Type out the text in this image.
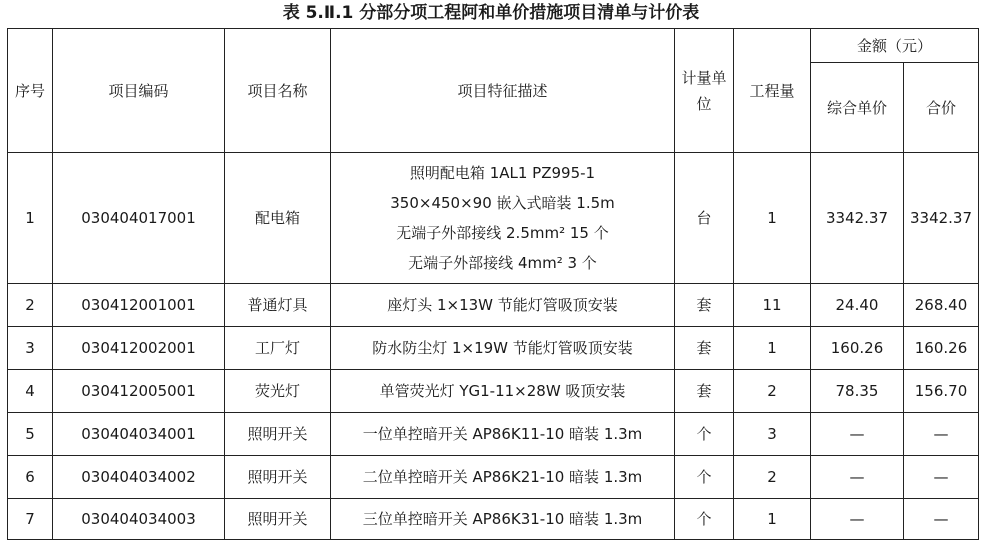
表 5.Ⅱ.1 分部分项工程阿和单价措施项目清单与计价表
序号	项目编码	项目名称	项目特征描述	计量单位	工程量	金额（元）	
						综合单价	合价
1	030404017001	配电箱	照明配电箱 1AL1 PZ995-1
350×450×90 嵌入式暗装 1.5m
无端子外部接线 2.5mm² 15 个
无端子外部接线 4mm² 3 个	台	1	3342.37	3342.37
2	030412001001	普通灯具	座灯头 1×13W 节能灯管吸顶安装	套	11	24.40	268.40
3	030412002001	工厂灯	防水防尘灯 1×19W 节能灯管吸顶安装	套	1	160.26	160.26
4	030412005001	荧光灯	单管荧光灯 YG1-11×28W 吸顶安装	套	2	78.35	156.70
5	030404034001	照明开关	一位单控暗开关 AP86K11-10 暗装 1.3m	个	3	—	—
6	030404034002	照明开关	二位单控暗开关 AP86K21-10 暗装 1.3m	个	2	—	—
7	030404034003	照明开关	三位单控暗开关 AP86K31-10 暗装 1.3m	个	1	—	—
